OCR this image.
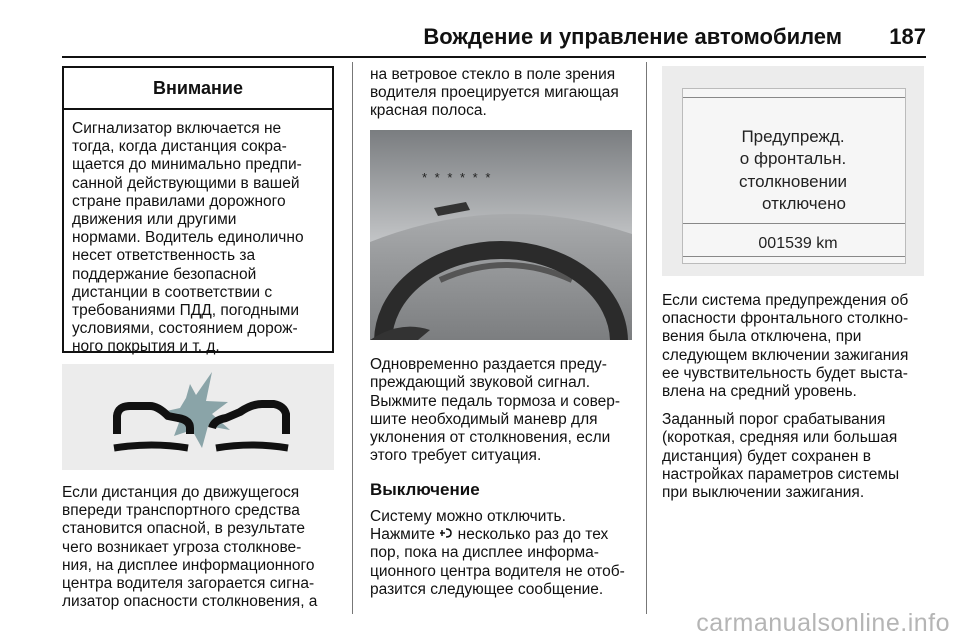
Вождение и управление автомобилем 187
Внимание

Сигнализатор включается не
тогда, когда дистанция сокра-
щается до минимально предпи-
санной действующими в вашей
стране правилами дорожного
движения или другими
нормами. Водитель единолично
несет ответственность за
поддержание безопасной
дистанции в соответствии с
требованиями ПДД, погодными
условиями, состоянием дорож-
ного покрытия и т. д.

Если дистанция до движущегося
впереди транспортного средства
становится опасной, в результате
чего возникает угроза столкнове-
ния, на дисплее информационного
центра водителя загорается сигна-
лизатор опасности столкновения, а

на ветровое стекло в поле зрения
водителя проецируется мигающая
красная полоса.

* * * * * *

Одновременно раздается преду-
преждающий звуковой сигнал.
Выжмите педаль тормоза и совер-
шите необходимый маневр для
уклонения от столкновения, если
этого требует ситуация.

Выключение

Систему можно отключить.

Нажмите  несколько раз до тех
пор, пока на дисплее информа-
ционного центра водителя не отоб-
разится следующее сообщение.

Предупрежд.
о фронтальн.
столкновении
отключено
001539 km

Если система предупреждения об
опасности фронтального столкно-
вения была отключена, при
следующем включении зажигания
ее чувствительность будет выста-
влена на средний уровень.

Заданный порог срабатывания
(короткая, средняя или большая
дистанция) будет сохранен в
настройках параметров системы
при выключении зажигания.

carmanualsonline.info
